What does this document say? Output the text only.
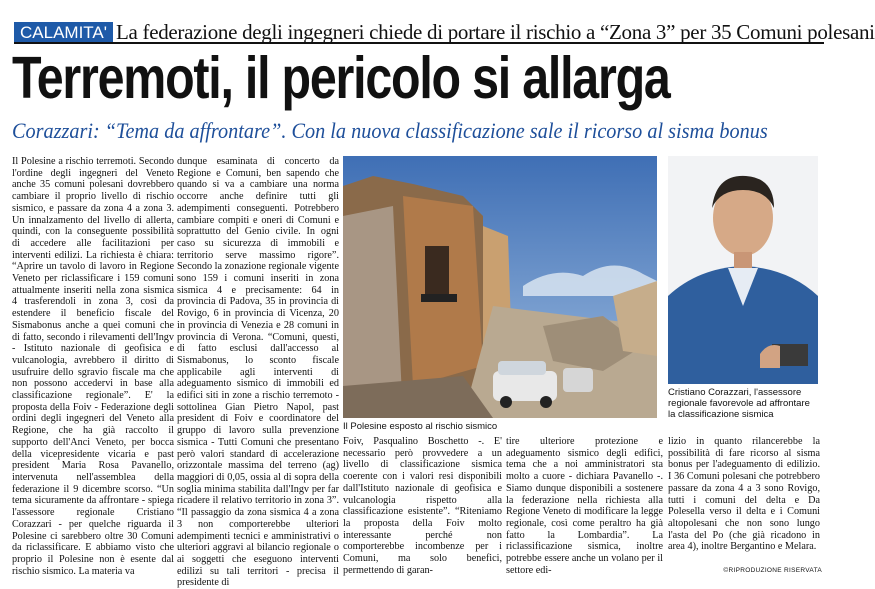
CALAMITA' La federazione degli ingegneri chiede di portare il rischio a “Zona 3” per 35 Comuni polesani
Terremoti, il pericolo si allarga
Corazzari: “Tema da affrontare”. Con la nuova classificazione sale il ricorso al sisma bonus

Il Polesine a rischio terremoti. Secondo l'ordine degli ingegneri del Veneto anche 35 comuni polesani dovrebbero cambiare il proprio livello di rischio sismico, e passare da zona 4 a zona 3. Un innalzamento del livello di allerta, quindi, con la conseguente possibilità di accedere alle facilitazioni per interventi edilizi. La richiesta è chiara: “Aprire un tavolo di lavoro in Regione Veneto per riclassificare i 159 comuni attualmente inseriti nella zona sismica 4 trasferendoli in zona 3, così da estendere il beneficio fiscale del Sismabonus anche a quei comuni che di fatto, secondo i rilevamenti dell'Ingv - Istituto nazionale di geofisica e vulcanologia, avrebbero il diritto di usufruire dello sgravio fiscale ma che non possono accedervi in base alla classificazione regionale”. E' la proposta della Foiv - Federazione degli ordini degli ingegneri del Veneto alla Regione, che ha già raccolto il supporto dell'Anci Veneto, per bocca della vicepresidente vicaria e past president Maria Rosa Pavanello, intervenuta nell'assemblea della federazione il 9 dicembre scorso. “Un tema sicuramente da affrontare - spiega l'assessore regionale Cristiano Corazzari - per quelche riguarda il Polesine ci sarebbero oltre 30 Comuni da riclassificare. E abbiamo visto che proprio il Polesine non è esente dal rischio sismico. La materia va

dunque esaminata di concerto da Regione e Comuni, ben sapendo che quando si va a cambiare una norma occorre anche definire tutti gli adempimenti conseguenti. Potrebbero cambiare compiti e oneri di Comuni e soprattutto del Genio civile. In ogni caso su sicurezza di immobili e territorio serve massimo rigore”. Secondo la zonazione regionale vigente sono 159 i comuni inseriti in zona sismica 4 e precisamente: 64 in provincia di Padova, 35 in provincia di Rovigo, 6 in provincia di Vicenza, 20 in provincia di Venezia e 28 comuni in provincia di Verona. “Comuni, questi, di fatto esclusi dall'accesso al Sismabonus, lo sconto fiscale applicabile agli interventi di adeguamento sismico di immobili ed edifici siti in zone a rischio terremoto - sottolinea Gian Pietro Napol, past president di Foiv e coordinatore del gruppo di lavoro sulla prevenzione sismica - Tutti Comuni che presentano però valori standard di accelerazione orizzontale massima del terreno (ag) maggiori di 0,05, ossia al di sopra della soglia minima stabilita dall'Ingv per far ricadere il relativo territorio in zona 3”. “Il passaggio da zona sismica 4 a zona 3 non comporterebbe ulteriori adempimenti tecnici e amministrativi o ulteriori aggravi al bilancio regionale o ai soggetti che eseguono interventi edilizi su tali territori - precisa il presidente di

Il Polesine esposto al rischio sismico
Cristiano Corazzari, l'assessore regionale favorevole ad affrontare la classificazione sismica

Foiv, Pasqualino Boschetto -. E' necessario però provvedere a un livello di classificazione sismica coerente con i valori resi disponibili dall'Istituto nazionale di geofisica e vulcanologia rispetto alla classificazione esistente”. “Riteniamo la proposta della Foiv molto interessante perché non comporterebbe incombenze per i Comuni, ma solo benefici, permettendo di garan-

tire ulteriore protezione e adeguamento sismico degli edifici, tema che a noi amministratori sta molto a cuore - dichiara Pavanello -. Siamo dunque disponibili a sostenere la federazione nella richiesta alla Regione Veneto di modificare la legge regionale, così come peraltro ha già fatto la Lombardia”. La riclassificazione sismica, inoltre potrebbe essere anche un volano per il settore edi-

lizio in quanto rilancerebbe la possibilità di fare ricorso al sisma bonus per l'adeguamento di edilizio. I 36 Comuni polesani che potrebbero passare da zona 4 a 3 sono Rovigo, tutti i comuni del delta e Da Polesella verso il delta e i Comuni altopolesani che non sono lungo l'asta del Po (che già ricadono in area 4), inoltre Bergantino e Melara.

©RIPRODUZIONE RISERVATA
